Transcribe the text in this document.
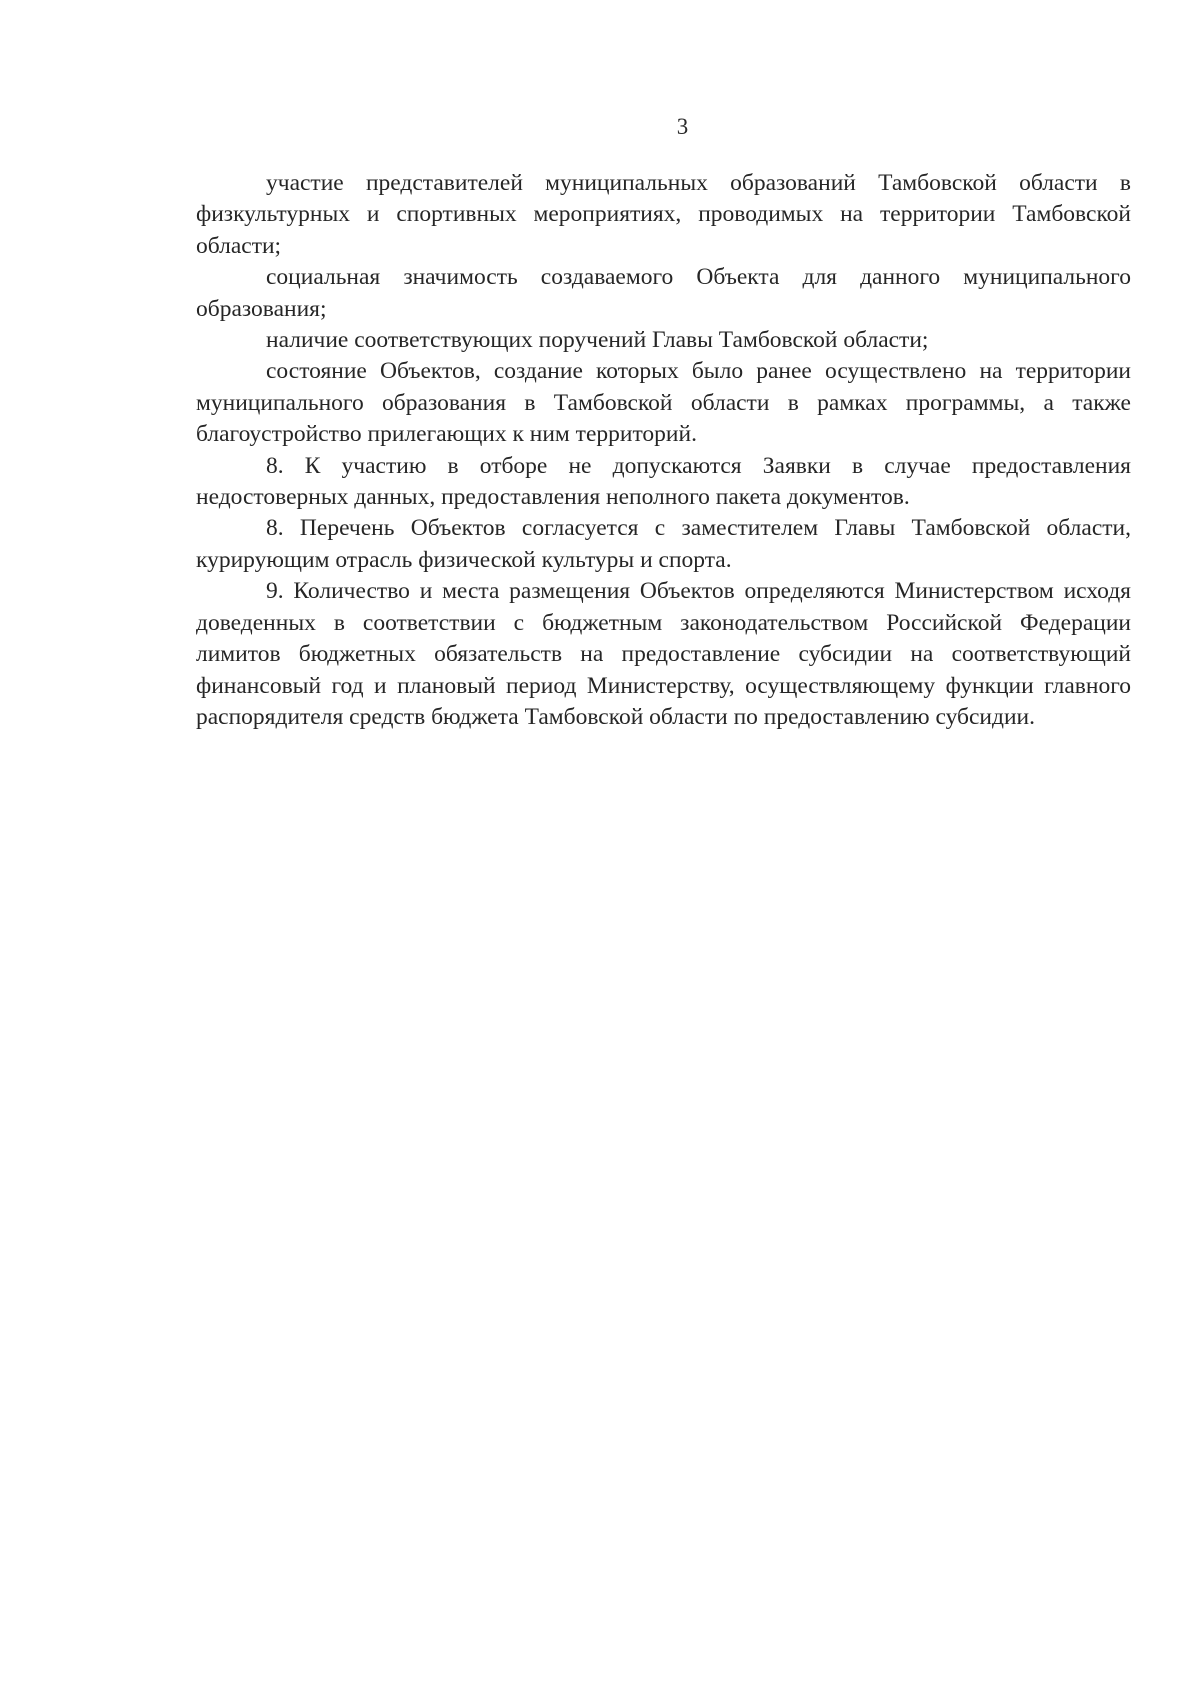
3

участие представителей муниципальных образований Тамбовской области в физкультурных и спортивных мероприятиях, проводимых на территории Тамбовской области;

социальная значимость создаваемого Объекта для данного муниципального образования;

наличие соответствующих поручений Главы Тамбовской области;

состояние Объектов, создание которых было ранее осуществлено на территории муниципального образования в Тамбовской области в рамках программы, а также благоустройство прилегающих к ним территорий.

8. К участию в отборе не допускаются Заявки в случае предоставления недостоверных данных, предоставления неполного пакета документов.

8. Перечень Объектов согласуется с заместителем Главы Тамбовской области, курирующим отрасль физической культуры и спорта.

9. Количество и места размещения Объектов определяются Министерством исходя доведенных в соответствии с бюджетным законодательством Российской Федерации лимитов бюджетных обязательств на предоставление субсидии на соответствующий финансовый год и плановый период Министерству, осуществляющему функции главного распорядителя средств бюджета Тамбовской области по предоставлению субсидии.
